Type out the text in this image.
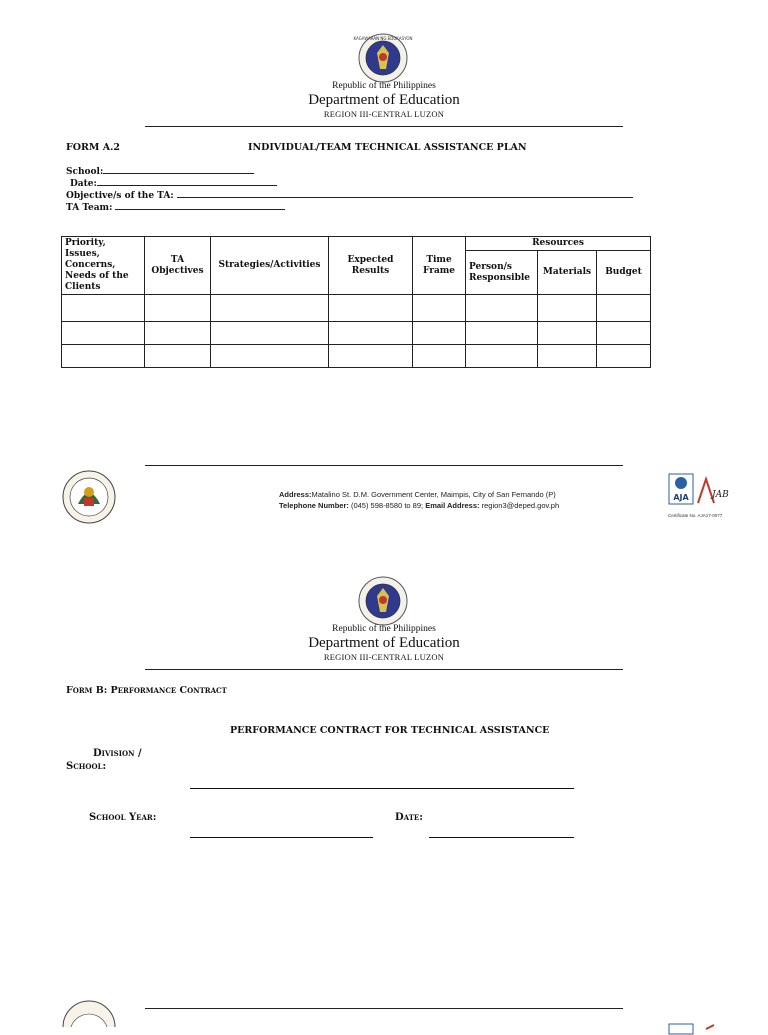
KAGAWARAN NG EDUKASYON
Republic of the Philippines
Department of Education
REGION III-CENTRAL LUZON
FORM A.2	INDIVIDUAL/TEAM TECHNICAL ASSISTANCE PLAN
School:
Date:
Objective/s of the TA:
TA Team:
Priority, Issues, Concerns, Needs of the Clients	TA Objectives	Strategies/Activities	Expected Results	Time Frame	Resources		
					Person/s Responsible	Materials	Budget

Address:Matalino St. D.M. Government Center, Maimpis, City of San Fernando (P)
Telephone Number: (045) 598-8580 to 89; Email Address: region3@deped.gov.ph
AJA	JAB
Certificate No. AJA17-0077
Republic of the Philippines
Department of Education
REGION III-CENTRAL LUZON
Form B: Performance Contract
PERFORMANCE CONTRACT FOR TECHNICAL ASSISTANCE
Division /
School:
School Year:	Date:
